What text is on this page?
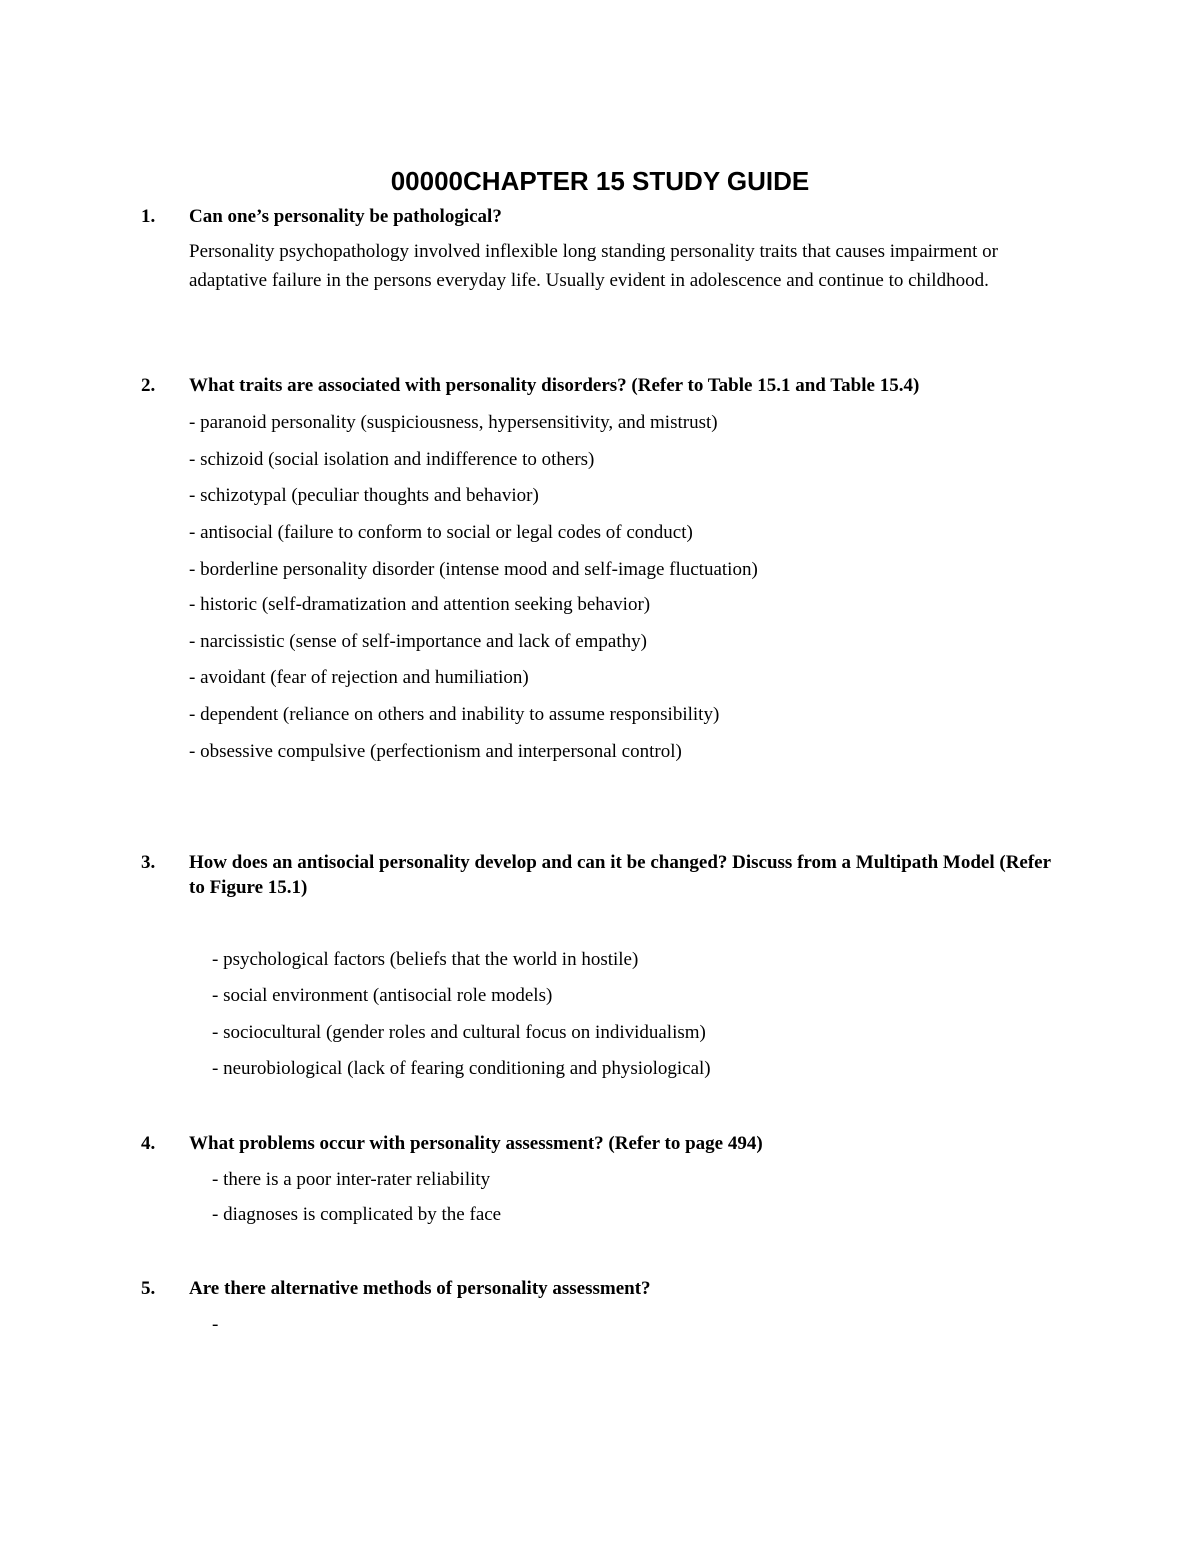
00000CHAPTER 15 STUDY GUIDE
1. Can one’s personality be pathological?
Personality psychopathology involved inflexible long standing personality traits that causes impairment or adaptative failure in the persons everyday life. Usually evident in adolescence and continue to childhood.
2. What traits are associated with personality disorders? (Refer to Table 15.1 and Table 15.4)
- paranoid personality (suspiciousness, hypersensitivity, and mistrust)
- schizoid (social isolation and indifference to others)
- schizotypal (peculiar thoughts and behavior)
- antisocial (failure to conform to social or legal codes of conduct)
- borderline personality disorder (intense mood and self-image fluctuation)
- historic (self-dramatization and attention seeking behavior)
- narcissistic (sense of self-importance and lack of empathy)
- avoidant (fear of rejection and humiliation)
- dependent (reliance on others and inability to assume responsibility)
- obsessive compulsive (perfectionism and interpersonal control)
3. How does an antisocial personality develop and can it be changed? Discuss from a Multipath Model (Refer to Figure 15.1)
- psychological factors (beliefs that the world in hostile)
- social environment (antisocial role models)
- sociocultural (gender roles and cultural focus on individualism)
- neurobiological (lack of fearing conditioning and physiological)
4. What problems occur with personality assessment? (Refer to page 494)
- there is a poor inter-rater reliability
- diagnoses is complicated by the face
5. Are there alternative methods of personality assessment?
-
